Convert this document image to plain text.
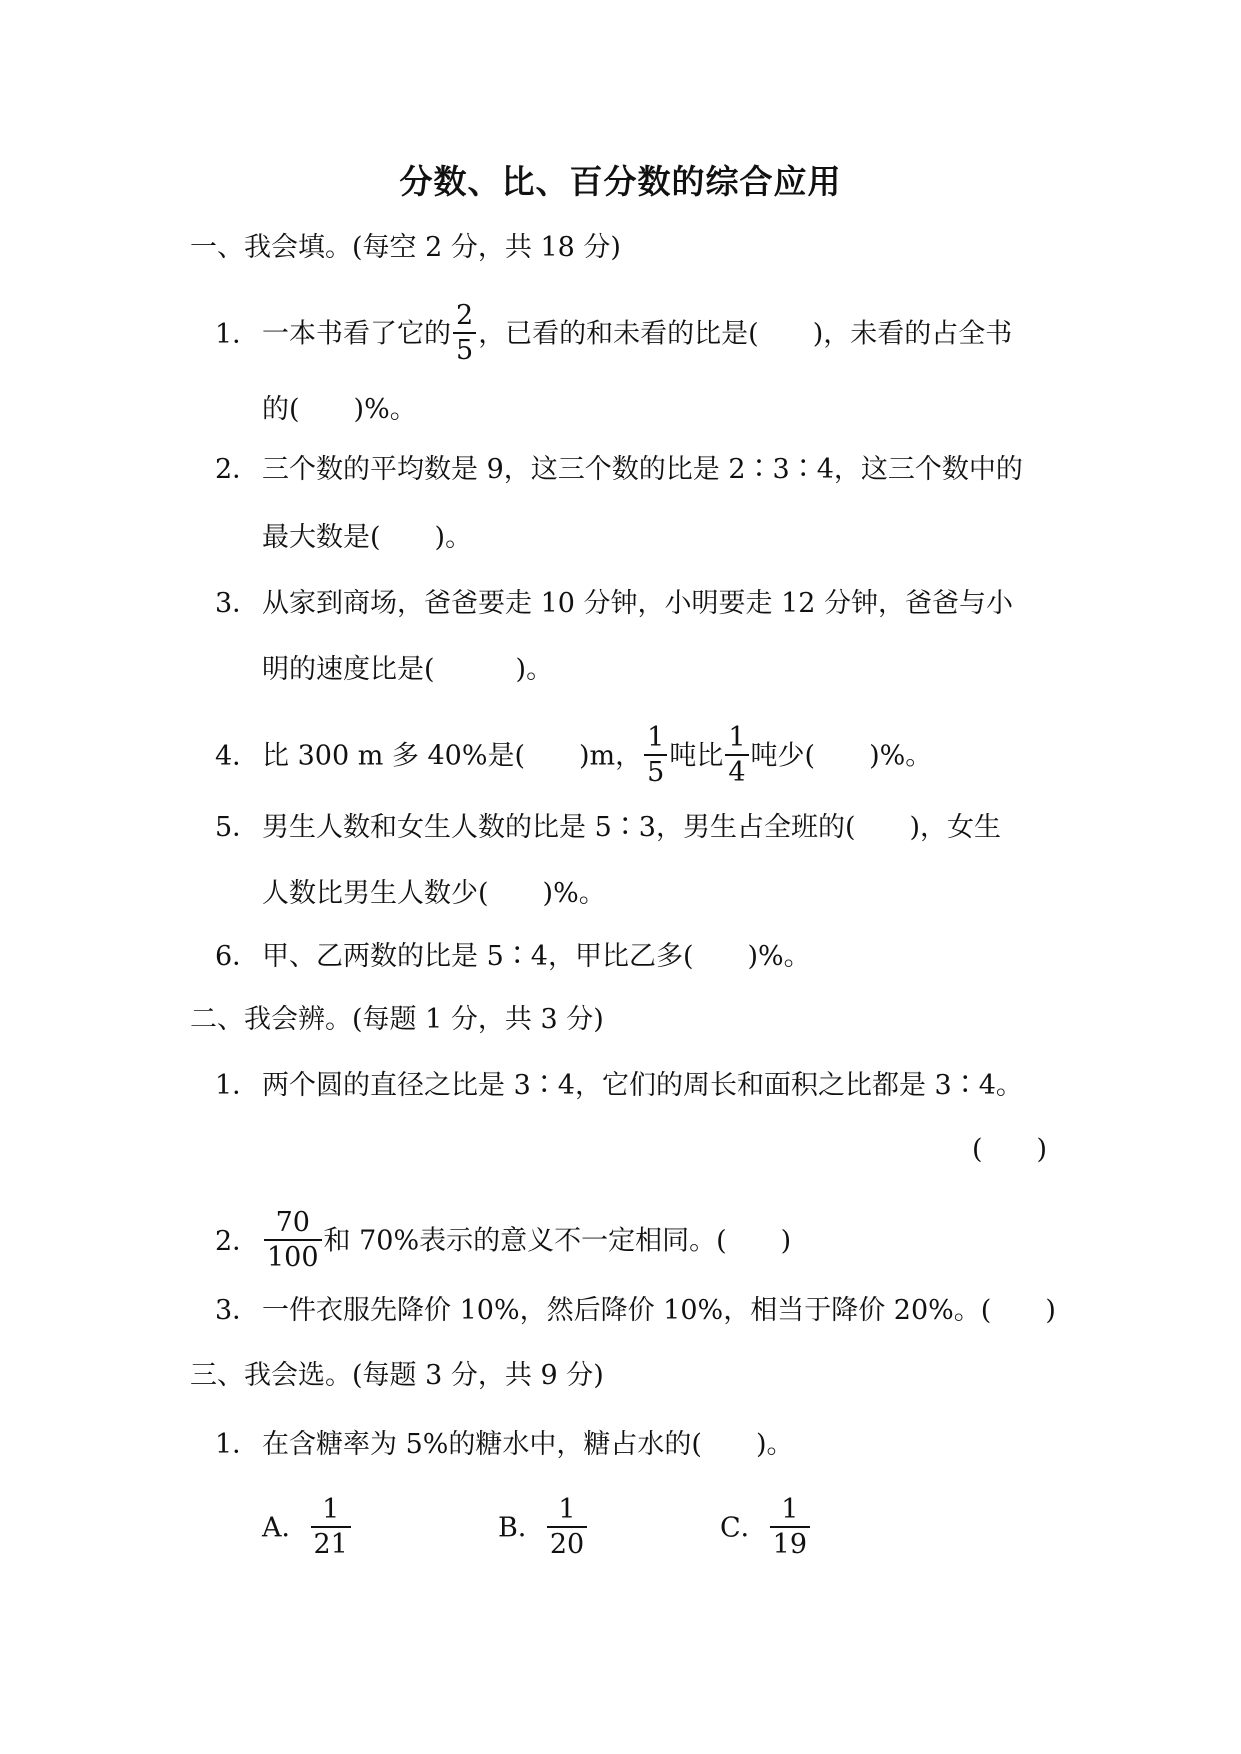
分数、比、百分数的综合应用
一、我会填。(每空 2 分，共 18 分)
1． 一本书看了它的 $\frac{2}{5}$ ，已看的和未看的比是(　　)，未看的占全书
的(　　)%。
2． 三个数的平均数是 9，这三个数的比是 2∶3∶4，这三个数中的
最大数是(　　)。
3． 从家到商场，爸爸要走 10 分钟，小明要走 12 分钟，爸爸与小
明的速度比是(　　　)。
4． 比 300 m 多 40%是(　　)m， $\frac{1}{5}$ 吨比 $\frac{1}{4}$ 吨少(　　)%。
5． 男生人数和女生人数的比是 5∶3，男生占全班的(　　)，女生
人数比男生人数少(　　)%。
6． 甲、乙两数的比是 5∶4，甲比乙多(　　)%。
二、我会辨。(每题 1 分，共 3 分)
1． 两个圆的直径之比是 3∶4，它们的周长和面积之比都是 3∶4。
(　　)
2． $\frac{70}{100}$ 和 70%表示的意义不一定相同。(　　)
3． 一件衣服先降价 10%，然后降价 10%，相当于降价 20%。(　　)
三、我会选。(每题 3 分，共 9 分)
1． 在含糖率为 5%的糖水中，糖占水的(　　)。
A． $\frac{1}{21}$	B． $\frac{1}{20}$	C． $\frac{1}{19}$
